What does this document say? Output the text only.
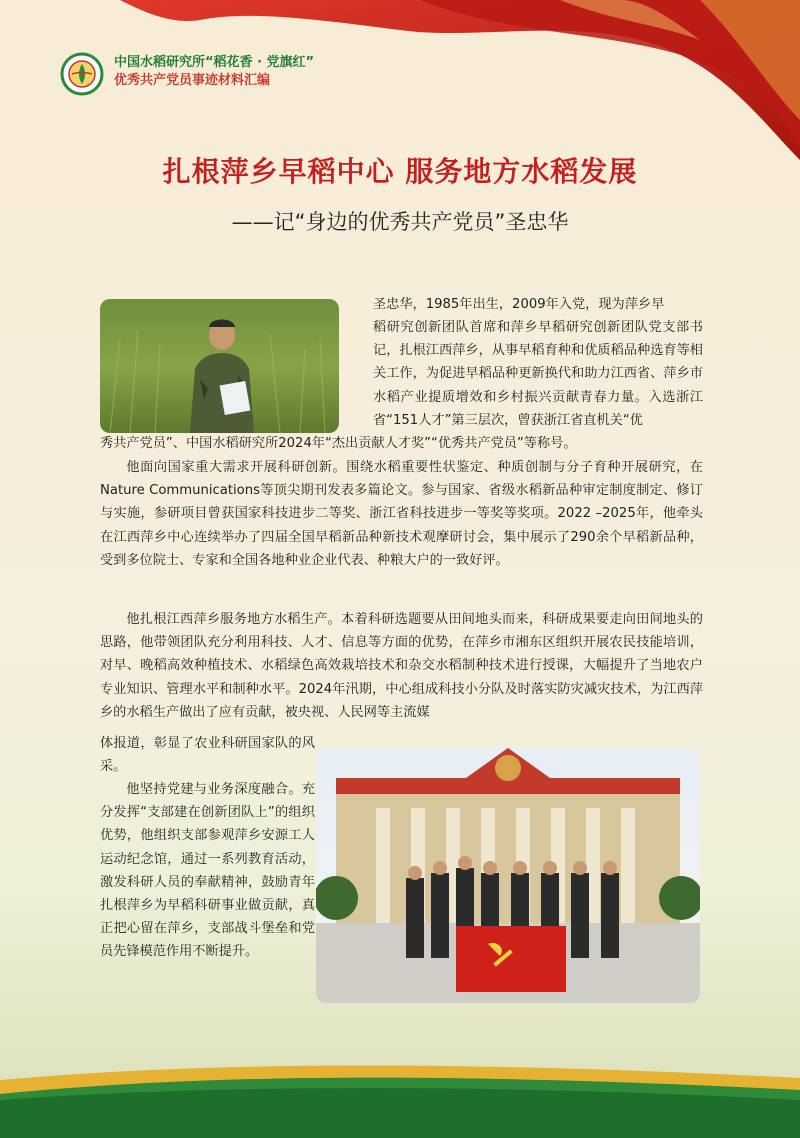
中国水稻研究所“稻花香 · 党旗红”
优秀共产党员事迹材料汇编
扎根萍乡早稻中心 服务地方水稻发展
——记“身边的优秀共产党员”圣忠华

圣忠华，1985年出生，2009年入党，现为萍乡早

稻研究创新团队首席和萍乡早稻研究创新团队党支部书记，扎根江西萍乡，从事早稻育种和优质稻品种选育等相关工作，为促进早稻品种更新换代和助力江西省、萍乡市水稻产业提质增效和乡村振兴贡献青春力量。入选浙江省“151人才”第三层次，曾获浙江省直机关“优

秀共产党员”、中国水稻研究所2024年“杰出贡献人才奖”“优秀共产党员”等称号。

他面向国家重大需求开展科研创新。围绕水稻重要性状鉴定、种质创制与分子育种开展研究，在Nature Communications等顶尖期刊发表多篇论文。参与国家、省级水稻新品种审定制度制定、修订与实施，参研项目曾获国家科技进步二等奖、浙江省科技进步一等奖等奖项。2022 –2025年，他牵头在江西萍乡中心连续举办了四届全国早稻新品种新技术观摩研讨会，集中展示了290余个早稻新品种，受到多位院士、专家和全国各地种业企业代表、种粮大户的一致好评。

他扎根江西萍乡服务地方水稻生产。本着科研选题要从田间地头而来，科研成果要走向田间地头的思路，他带领团队充分利用科技、人才、信息等方面的优势，在萍乡市湘东区组织开展农民技能培训，对早、晚稻高效种植技术、水稻绿色高效栽培技术和杂交水稻制种技术进行授课，大幅提升了当地农户专业知识、管理水平和制种水平。2024年汛期，中心组成科技小分队及时落实防灾减灾技术，为江西萍乡的水稻生产做出了应有贡献，被央视、人民网等主流媒

体报道，彰显了农业科研国家队的风采。

他坚持党建与业务深度融合。充分发挥“支部建在创新团队上”的组织优势，他组织支部参观萍乡安源工人运动纪念馆，通过一系列教育活动，激发科研人员的奉献精神，鼓励青年扎根萍乡为早稻科研事业做贡献，真正把心留在萍乡，支部战斗堡垒和党员先锋模范作用不断提升。
